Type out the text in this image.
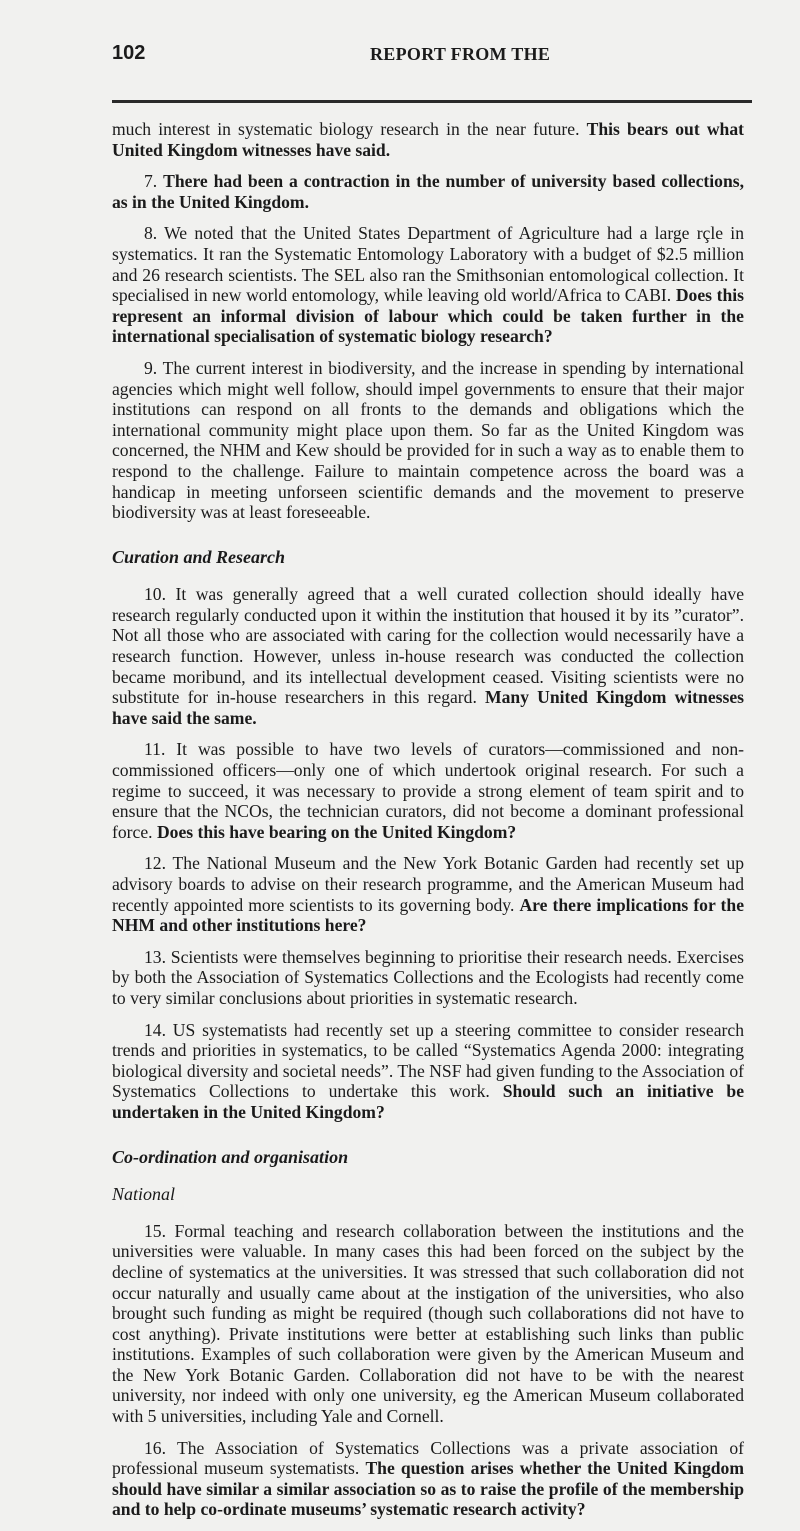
102	REPORT FROM THE

much interest in systematic biology research in the near future. This bears out what United Kingdom witnesses have said.

7. There had been a contraction in the number of university based collections, as in the United Kingdom.

8. We noted that the United States Department of Agriculture had a large rçle in systematics. It ran the Systematic Entomology Laboratory with a budget of $2.5 million and 26 research scientists. The SEL also ran the Smithsonian entomological collection. It specialised in new world entomology, while leaving old world/Africa to CABI. Does this represent an informal division of labour which could be taken further in the international specialisation of systematic biology research?

9. The current interest in biodiversity, and the increase in spending by international agencies which might well follow, should impel governments to ensure that their major institutions can respond on all fronts to the demands and obligations which the international community might place upon them. So far as the United Kingdom was concerned, the NHM and Kew should be provided for in such a way as to enable them to respond to the challenge. Failure to maintain competence across the board was a handicap in meeting unforseen scientific demands and the movement to preserve biodiversity was at least foreseeable.

Curation and Research

10. It was generally agreed that a well curated collection should ideally have research regularly conducted upon it within the institution that housed it by its ”curator”. Not all those who are associated with caring for the collection would necessarily have a research function. However, unless in-house research was conducted the collection became moribund, and its intellectual development ceased. Visiting scientists were no substitute for in-house researchers in this regard. Many United Kingdom witnesses have said the same.

11. It was possible to have two levels of curators—commissioned and non-commissioned officers—only one of which undertook original research. For such a regime to succeed, it was necessary to provide a strong element of team spirit and to ensure that the NCOs, the technician curators, did not become a dominant professional force. Does this have bearing on the United Kingdom?

12. The National Museum and the New York Botanic Garden had recently set up advisory boards to advise on their research programme, and the American Museum had recently appointed more scientists to its governing body. Are there implications for the NHM and other institutions here?

13. Scientists were themselves beginning to prioritise their research needs. Exercises by both the Association of Systematics Collections and the Ecologists had recently come to very similar conclusions about priorities in systematic research.

14. US systematists had recently set up a steering committee to consider research trends and priorities in systematics, to be called “Systematics Agenda 2000: integrating biological diversity and societal needs”. The NSF had given funding to the Association of Systematics Collections to undertake this work. Should such an initiative be undertaken in the United Kingdom?

Co-ordination and organisation
National

15. Formal teaching and research collaboration between the institutions and the universities were valuable. In many cases this had been forced on the subject by the decline of systematics at the universities. It was stressed that such collaboration did not occur naturally and usually came about at the instigation of the universities, who also brought such funding as might be required (though such collaborations did not have to cost anything). Private institutions were better at establishing such links than public institutions. Examples of such collaboration were given by the American Museum and the New York Botanic Garden. Collaboration did not have to be with the nearest university, nor indeed with only one university, eg the American Museum collaborated with 5 universities, including Yale and Cornell.

16. The Association of Systematics Collections was a private association of professional museum systematists. The question arises whether the United Kingdom should have similar a similar association so as to raise the profile of the membership and to help co-ordinate museums’ systematic research activity?
